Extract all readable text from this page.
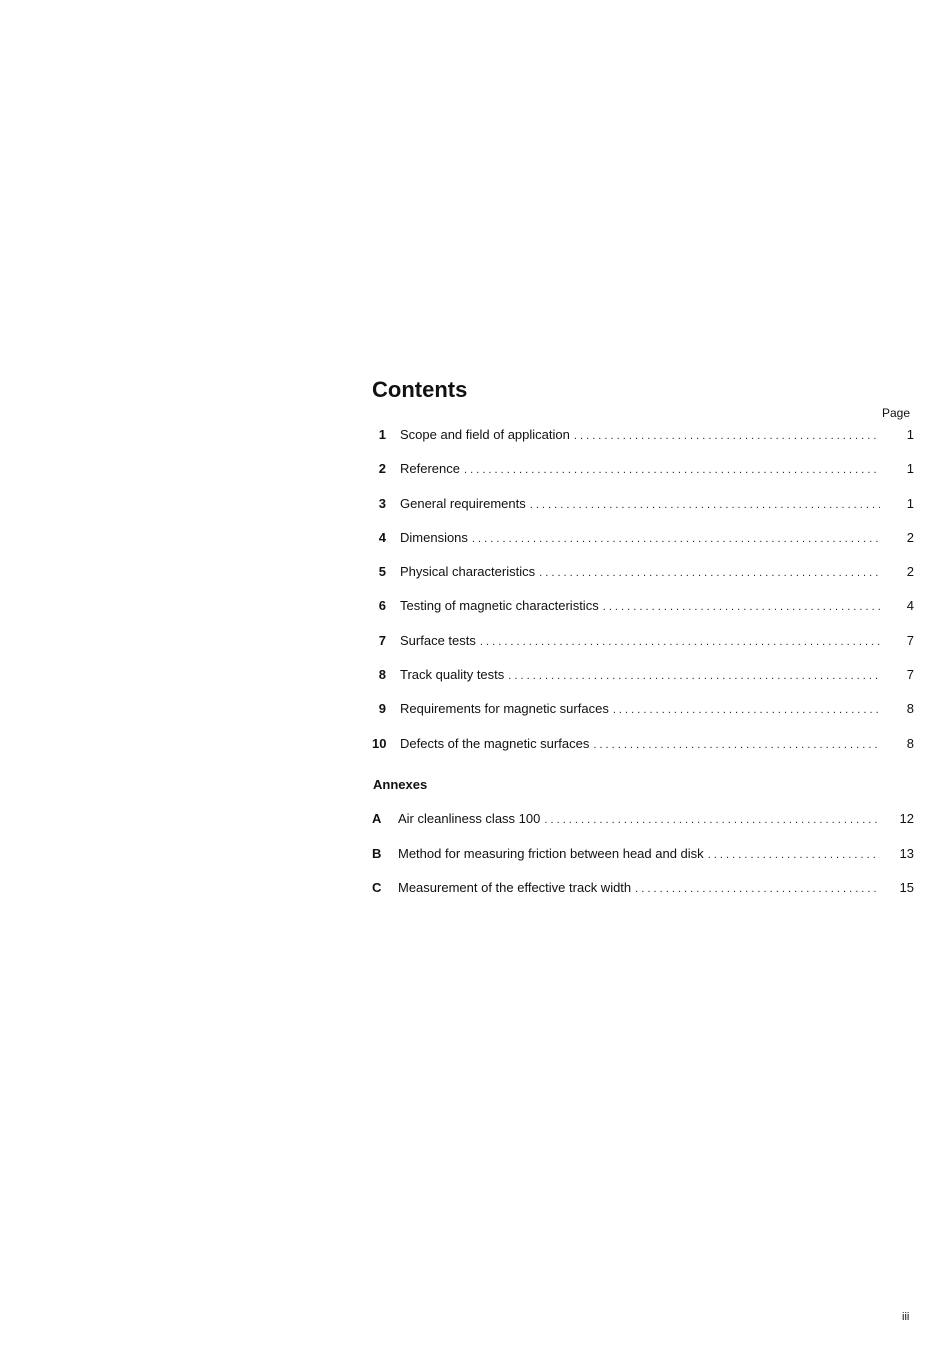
Contents
Page
1 Scope and field of application . . .	1
2 Reference . . .	1
3 General requirements . . .	1
4 Dimensions . . .	2
5 Physical characteristics . . .	2
6 Testing of magnetic characteristics . . .	4
7 Surface tests . . .	7
8 Track quality tests . . .	7
9 Requirements for magnetic surfaces . . .	8
10 Defects of the magnetic surfaces . . .	8
Annexes
A	Air cleanliness class 100 . . .	12
B	Method for measuring friction between head and disk . . .	13
C	Measurement of the effective track width . . .	15
iii
